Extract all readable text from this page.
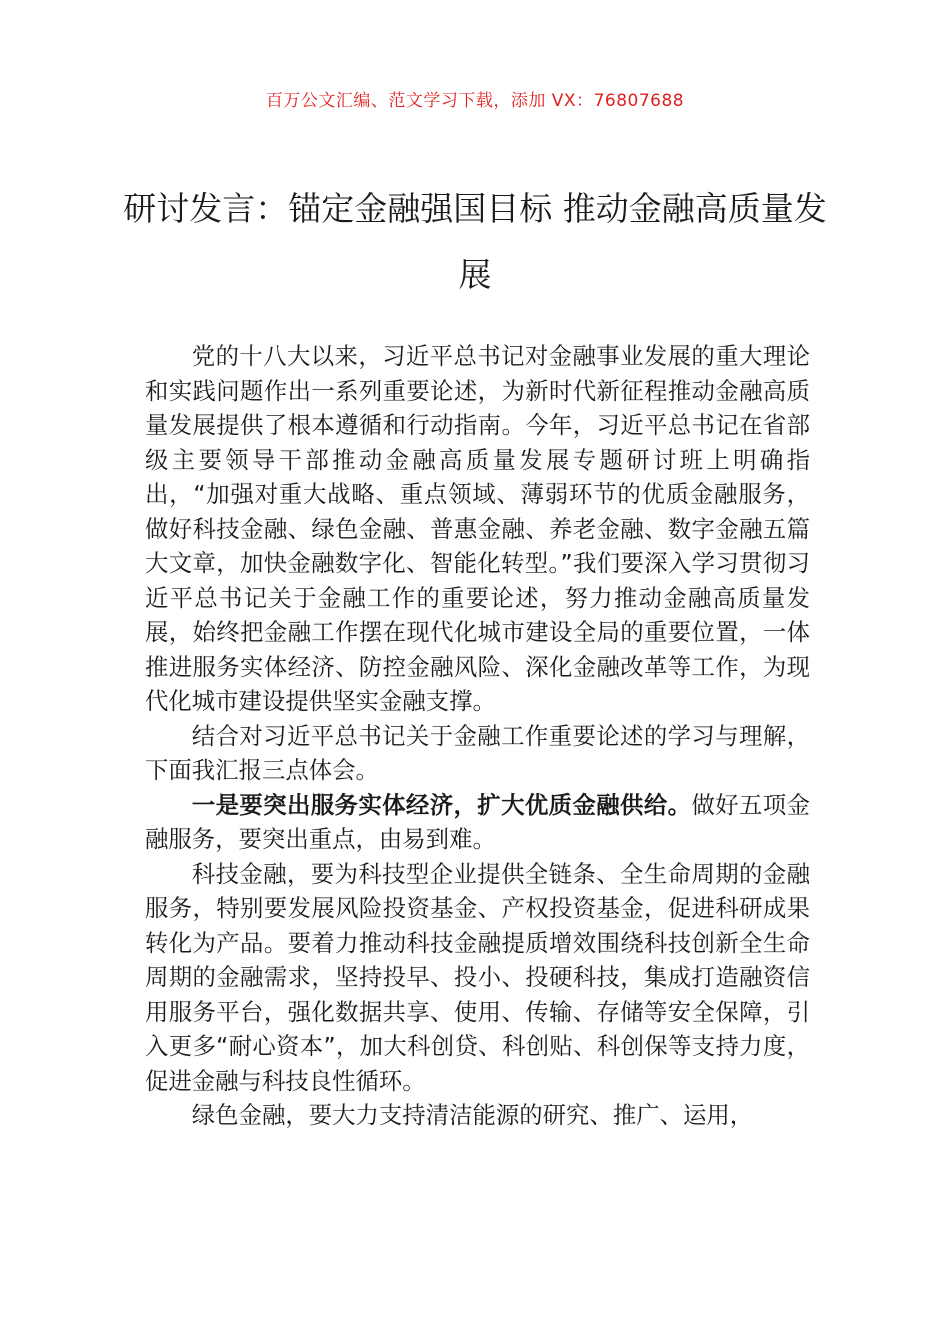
百万公文汇编、范文学习下载，添加 VX：76807688
研讨发言：锚定金融强国目标 推动金融高质量发展

党的十八大以来，习近平总书记对金融事业发展的重大理论和实践问题作出一系列重要论述，为新时代新征程推动金融高质量发展提供了根本遵循和行动指南。今年，习近平总书记在省部级主要领导干部推动金融高质量发展专题研讨班上明确指出，“加强对重大战略、重点领域、薄弱环节的优质金融服务，做好科技金融、绿色金融、普惠金融、养老金融、数字金融五篇大文章，加快金融数字化、智能化转型。”我们要深入学习贯彻习近平总书记关于金融工作的重要论述，努力推动金融高质量发展，始终把金融工作摆在现代化城市建设全局的重要位置，一体推进服务实体经济、防控金融风险、深化金融改革等工作，为现代化城市建设提供坚实金融支撑。

结合对习近平总书记关于金融工作重要论述的学习与理解，下面我汇报三点体会。

一是要突出服务实体经济，扩大优质金融供给。做好五项金融服务，要突出重点，由易到难。

科技金融，要为科技型企业提供全链条、全生命周期的金融服务，特别要发展风险投资基金、产权投资基金，促进科研成果转化为产品。要着力推动科技金融提质增效围绕科技创新全生命周期的金融需求，坚持投早、投小、投硬科技，集成打造融资信用服务平台，强化数据共享、使用、传输、存储等安全保障，引入更多“耐心资本”，加大科创贷、科创贴、科创保等支持力度，促进金融与科技良性循环。

绿色金融，要大力支持清洁能源的研究、推广、运用，
